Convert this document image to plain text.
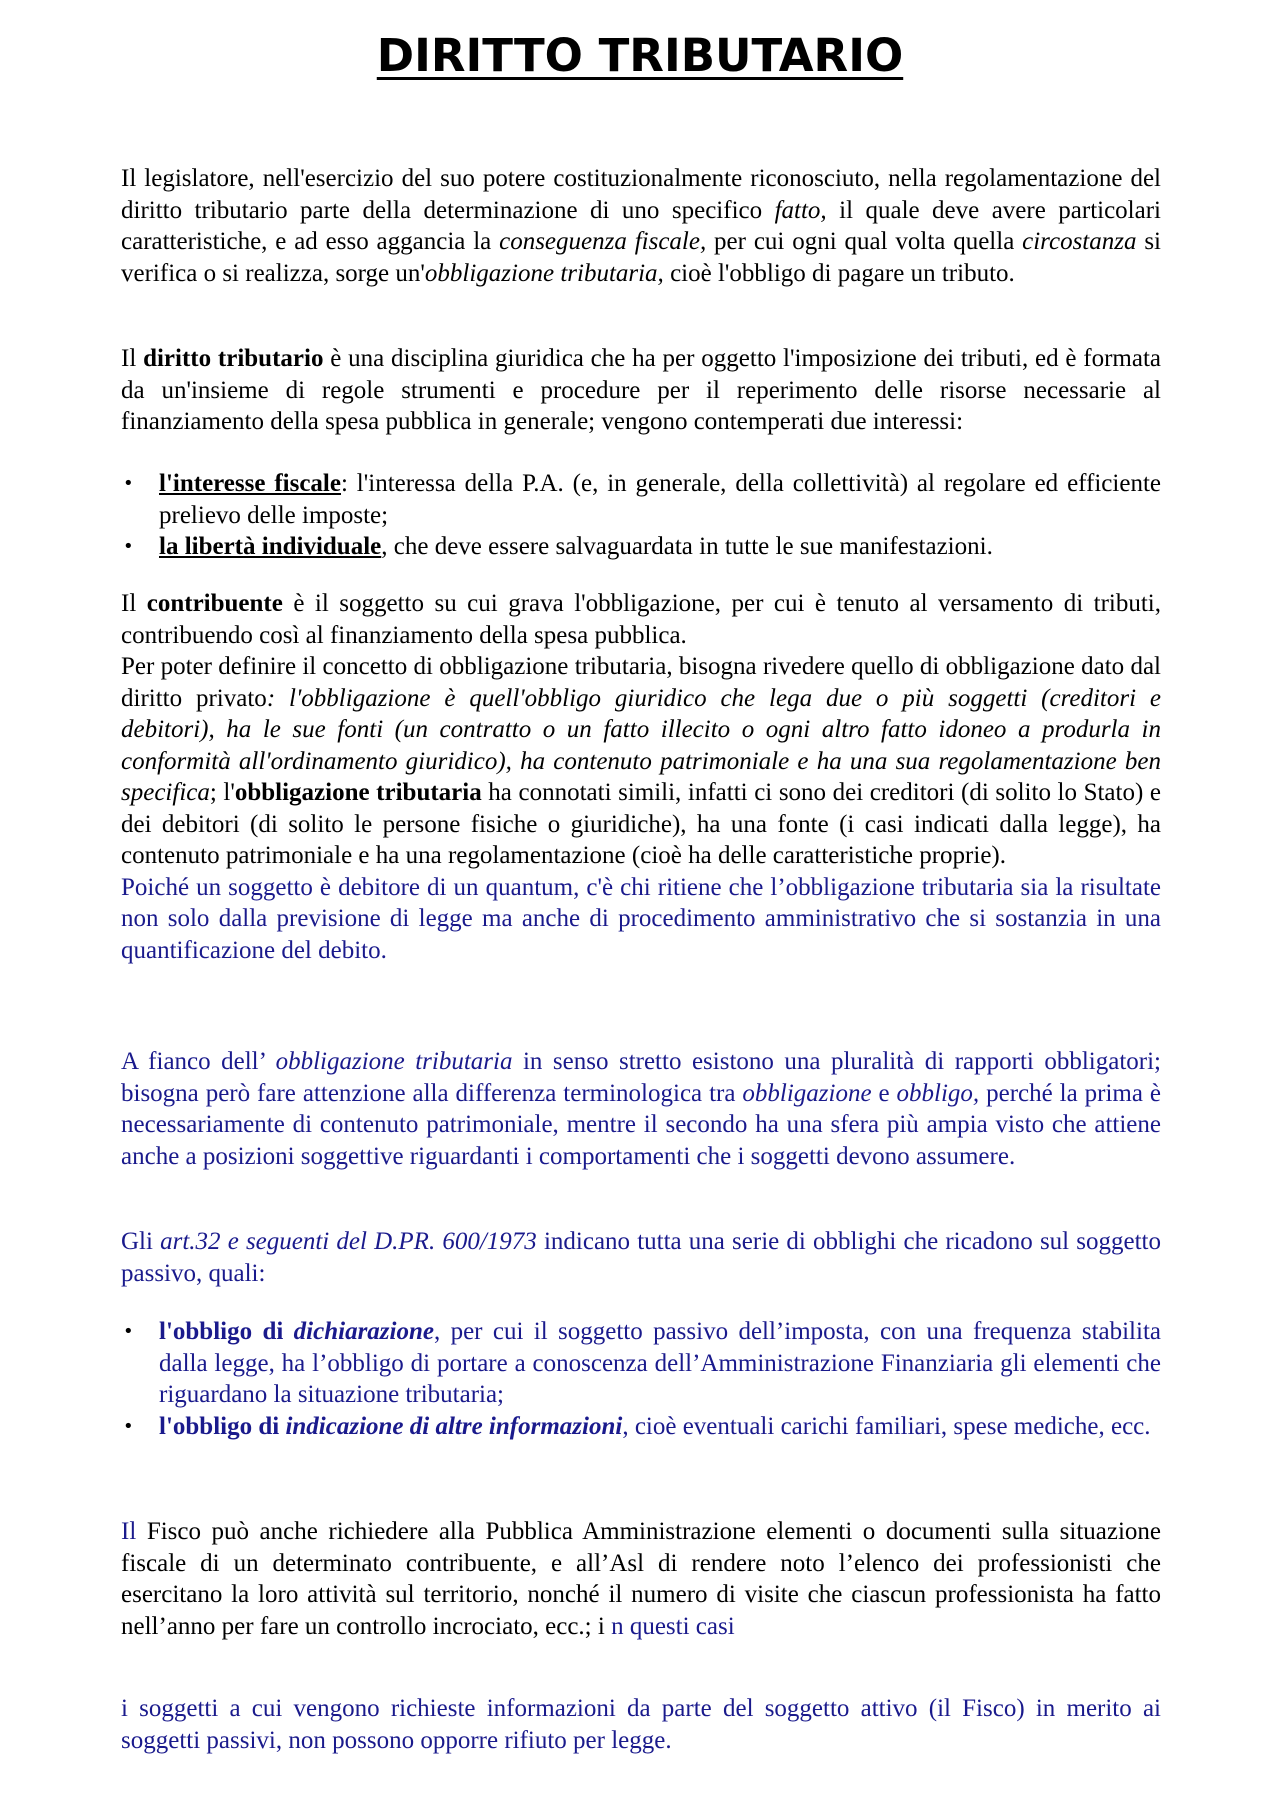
DIRITTO TRIBUTARIO

Il legislatore, nell'esercizio del suo potere costituzionalmente riconosciuto, nella regolamentazione del diritto tributario parte della determinazione di uno specifico fatto, il quale deve avere particolari caratteristiche, e ad esso aggancia la conseguenza fiscale, per cui ogni qual volta quella circostanza si verifica o si realizza, sorge un'obbligazione tributaria, cioè l'obbligo di pagare un tributo.

Il diritto tributario è una disciplina giuridica che ha per oggetto l'imposizione dei tributi, ed è formata da un'insieme di regole strumenti e procedure per il reperimento delle risorse necessarie al finanziamento della spesa pubblica in generale; vengono contemperati due interessi:

• l'interesse fiscale: l'interessa della P.A. (e, in generale, della collettività) al regolare ed efficiente prelievo delle imposte;
• la libertà individuale, che deve essere salvaguardata in tutte le sue manifestazioni.

Il contribuente è il soggetto su cui grava l'obbligazione, per cui è tenuto al versamento di tributi, contribuendo così al finanziamento della spesa pubblica.
Per poter definire il concetto di obbligazione tributaria, bisogna rivedere quello di obbligazione dato dal diritto privato: l'obbligazione è quell'obbligo giuridico che lega due o più soggetti (creditori e debitori), ha le sue fonti (un contratto o un fatto illecito o ogni altro fatto idoneo a produrla in conformità all'ordinamento giuridico), ha contenuto patrimoniale e ha una sua regolamentazione ben specifica; l'obbligazione tributaria ha connotati simili, infatti ci sono dei creditori (di solito lo Stato) e dei debitori (di solito le persone fisiche o giuridiche), ha una fonte (i casi indicati dalla legge), ha contenuto patrimoniale e ha una regolamentazione (cioè ha delle caratteristiche proprie).
Poiché un soggetto è debitore di un quantum, c'è chi ritiene che l’obbligazione tributaria sia la risultate non solo dalla previsione di legge ma anche di procedimento amministrativo che si sostanzia in una quantificazione del debito.

A fianco dell’ obbligazione tributaria in senso stretto esistono una pluralità di rapporti obbligatori; bisogna però fare attenzione alla differenza terminologica tra obbligazione e obbligo, perché la prima è necessariamente di contenuto patrimoniale, mentre il secondo ha una sfera più ampia visto che attiene anche a posizioni soggettive riguardanti i comportamenti che i soggetti devono assumere.

Gli art.32 e seguenti del D.PR. 600/1973 indicano tutta una serie di obblighi che ricadono sul soggetto passivo, quali:

• l'obbligo di dichiarazione, per cui il soggetto passivo dell’imposta, con una frequenza stabilita dalla legge, ha l’obbligo di portare a conoscenza dell’Amministrazione Finanziaria gli elementi che riguardano la situazione tributaria;
• l'obbligo di indicazione di altre informazioni, cioè eventuali carichi familiari, spese mediche, ecc.

Il Fisco può anche richiedere alla Pubblica Amministrazione elementi o documenti sulla situazione fiscale di un determinato contribuente, e all’Asl di rendere noto l’elenco dei professionisti che esercitano la loro attività sul territorio, nonché il numero di visite che ciascun professionista ha fatto nell’anno per fare un controllo incrociato, ecc.; i n questi casi

i soggetti a cui vengono richieste informazioni da parte del soggetto attivo (il Fisco) in merito ai soggetti passivi, non possono opporre rifiuto per legge.
